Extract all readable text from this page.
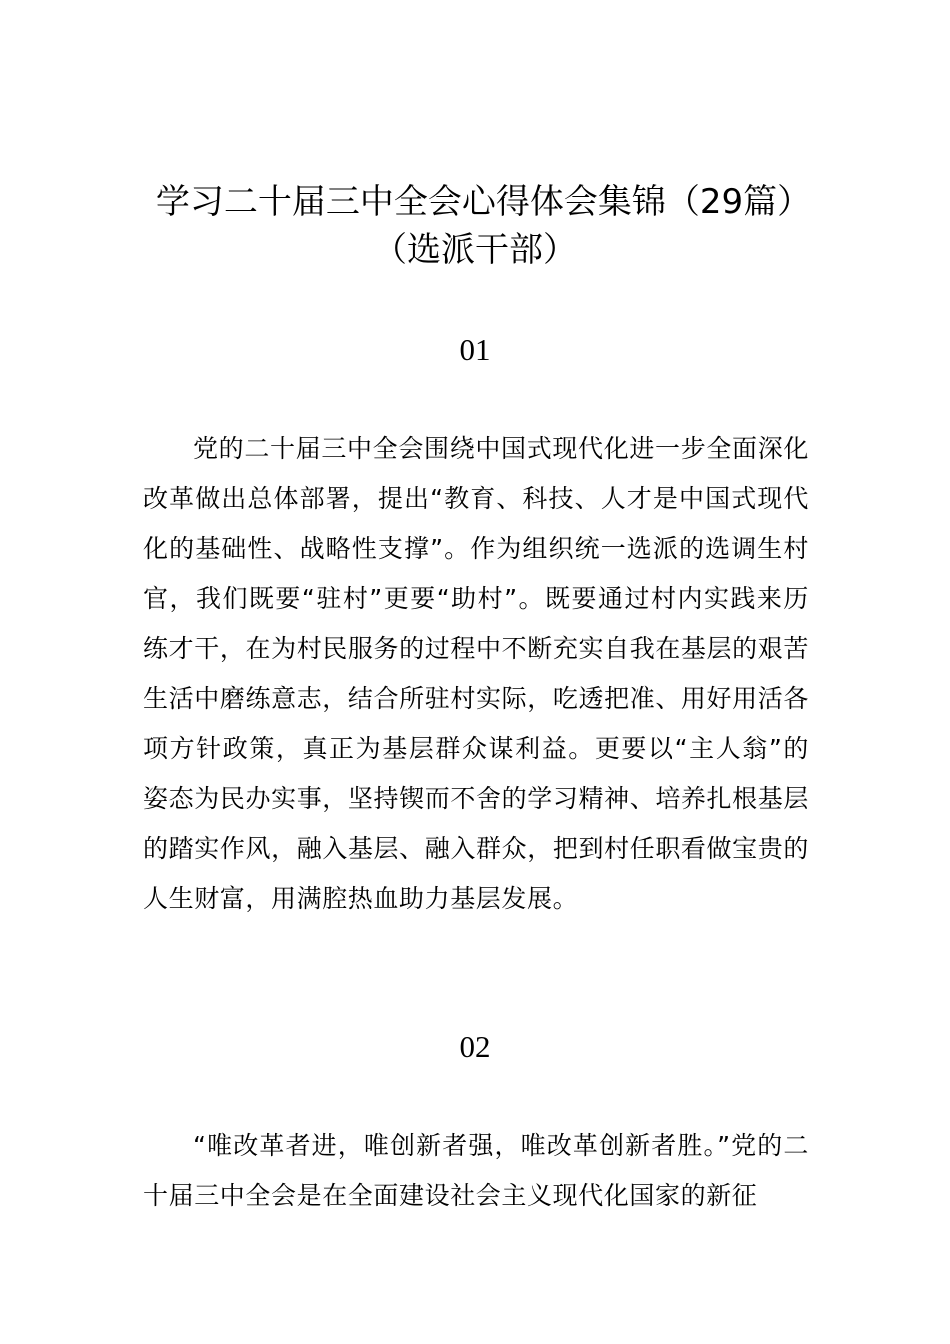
学习二十届三中全会心得体会集锦（29篇）（选派干部）
01

党的二十届三中全会围绕中国式现代化进一步全面深化改革做出总体部署，提出“教育、科技、人才是中国式现代化的基础性、战略性支撑”。作为组织统一选派的选调生村官，我们既要“驻村”更要“助村”。既要通过村内实践来历练才干，在为村民服务的过程中不断充实自我在基层的艰苦生活中磨练意志，结合所驻村实际，吃透把准、用好用活各项方针政策，真正为基层群众谋利益。更要以“主人翁”的姿态为民办实事，坚持锲而不舍的学习精神、培养扎根基层的踏实作风，融入基层、融入群众，把到村任职看做宝贵的人生财富，用满腔热血助力基层发展。

02

“唯改革者进，唯创新者强，唯改革创新者胜。”党的二十届三中全会是在全面建设社会主义现代化国家的新征
